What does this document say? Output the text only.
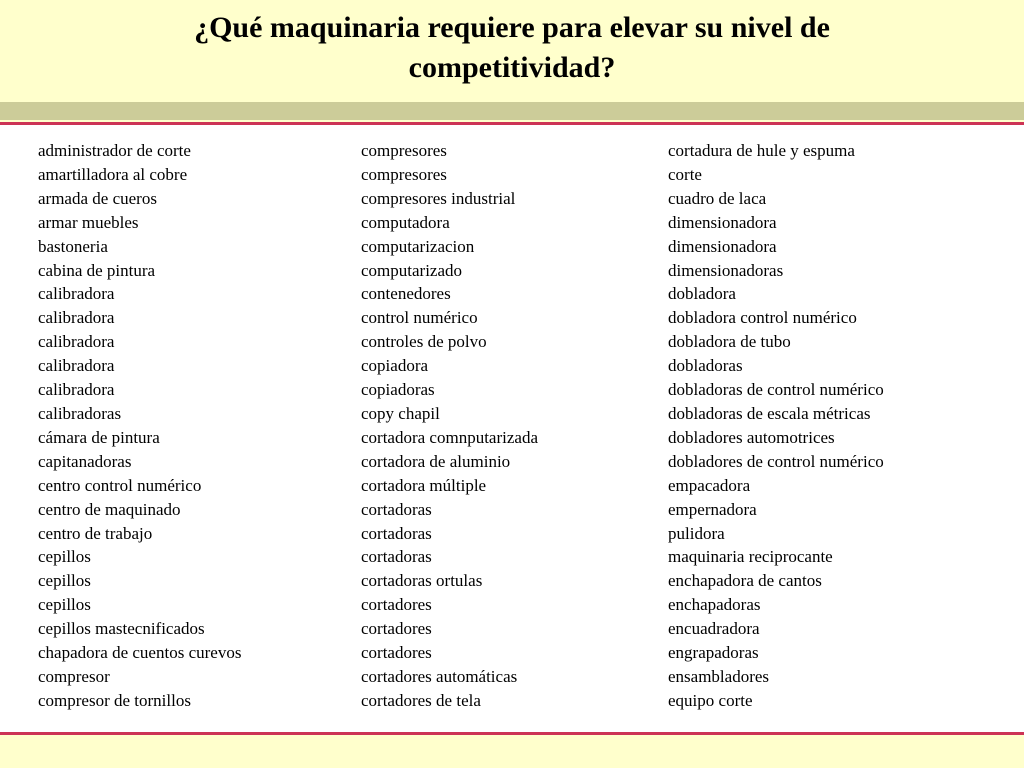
¿Qué maquinaria requiere para elevar su nivel de
competitividad?
administrador de corte
amartilladora al cobre
armada de cueros
armar muebles
bastoneria
cabina de pintura
calibradora
calibradora
calibradora
calibradora
calibradora
calibradoras
cámara de pintura
capitanadoras
centro control numérico
centro de maquinado
centro de trabajo
cepillos
cepillos
cepillos
cepillos mastecnificados
chapadora de cuentos curevos
compresor
compresor de tornillos
compresores
compresores
compresores industrial
computadora
computarizacion
computarizado
contenedores
control numérico
controles de polvo
copiadora
copiadoras
copy chapil
cortadora comnputarizada
cortadora de aluminio
cortadora múltiple
cortadoras
cortadoras
cortadoras
cortadoras ortulas
cortadores
cortadores
cortadores
cortadores automáticas
cortadores de tela
cortadura de hule y espuma
corte
cuadro de laca
dimensionadora
dimensionadora
dimensionadoras
dobladora
dobladora control numérico
dobladora de tubo
dobladoras
dobladoras de control numérico
dobladoras de escala métricas
dobladores automotrices
dobladores de control numérico
empacadora
empernadora
pulidora
maquinaria reciprocante
enchapadora de cantos
enchapadoras
encuadradora
engrapadoras
ensambladores
equipo corte
